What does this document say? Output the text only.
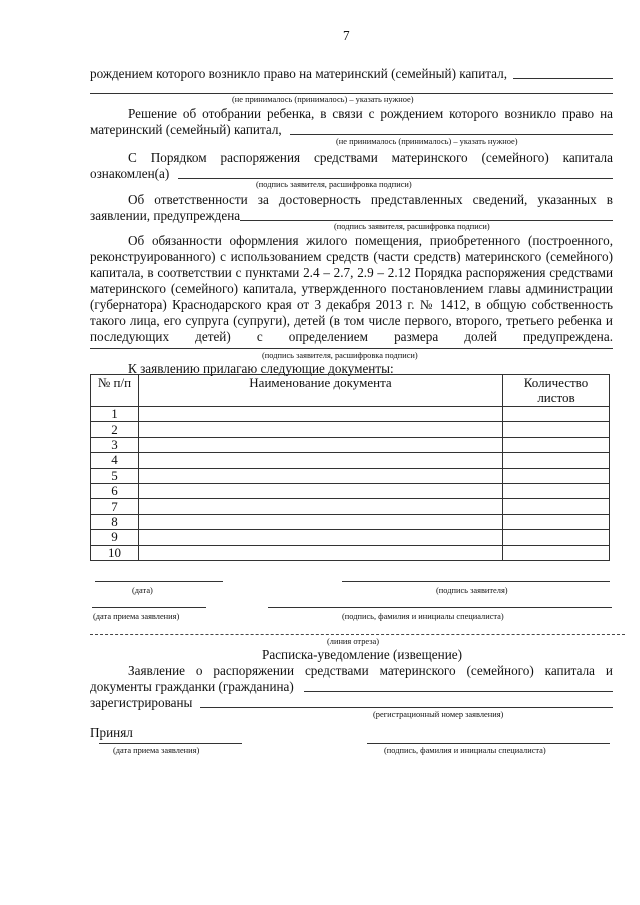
7
рождением которого возникло право на материнский (семейный) капитал,
(не принималось (принималось) – указать нужное)
Решение об отобрании ребенка, в связи с рождением которого возникло право на
материнский (семейный) капитал,
(не принималось (принималось) – указать нужное)
С Порядком распоряжения средствами материнского (семейного) капитала
ознакомлен(а)
(подпись заявителя, расшифровка подписи)
Об ответственности за достоверность представленных сведений, указанных в
заявлении, предупреждена
(подпись заявителя, расшифровка подписи)
Об обязанности оформления жилого помещения, приобретенного (построенного,
реконструированного) с использованием средств (части средств) материнского (семейного)
капитала, в соответствии с пунктами 2.4 – 2.7, 2.9 – 2.12 Порядка распоряжения средствами
материнского (семейного) капитала, утвержденного постановлением главы администрации
(губернатора) Краснодарского края от 3 декабря 2013 г. № 1412, в общую собственность
такого лица, его супруга (супруги), детей (в том числе первого, второго, третьего ребенка и
последующих детей) с определением размера долей предупреждена.
(подпись заявителя, расшифровка подписи)
К заявлению прилагаю следующие документы:
№ п/п	Наименование документа	Количество листов
1		
2		
3		
4		
5		
6		
7		
8		
9		
10		
(дата)	(подпись заявителя)
(дата приема заявления)	(подпись, фамилия и инициалы специалиста)
(линия отреза)
Расписка-уведомление (извещение)
Заявление о распоряжении средствами материнского (семейного) капитала и
документы гражданки (гражданина)
зарегистрированы
(регистрационный номер заявления)
Принял
(дата приема заявления)	(подпись, фамилия и инициалы специалиста)
